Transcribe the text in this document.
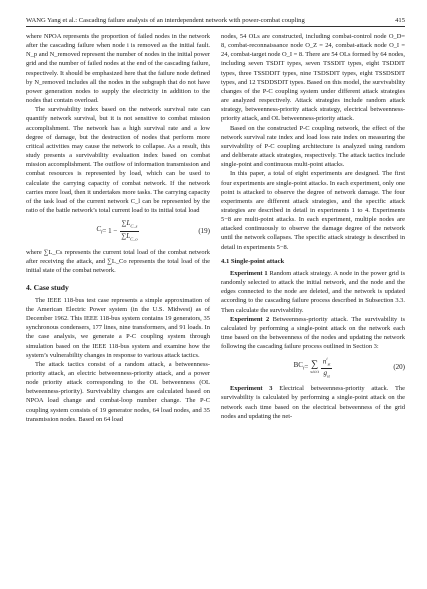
WANG Yang et al.: Cascading failure analysis of an interdependent network with power-combat coupling	415

where NPOA represents the proportion of failed nodes in the network after the cascading failure when node i is removed as the initial fault. N_p and N_removed represent the number of nodes in the initial power grid and the number of failed nodes at the end of the cascading failure, respectively. It should be emphasized here that the failure node defined by N_removed includes all the nodes in the subgraph that do not have power generation nodes to supply the electricity in addition to the nodes that contain overload.

The survivability index based on the network survival rate can quantify network survival, but it is not sensitive to combat mission accomplishment. The network has a high survival rate and a low degree of damage, but the destruction of nodes that perform more critical activities may cause the network to collapse. As a result, this study presents a survivability evaluation index based on combat mission accomplishment. The outflow of information transmission and combat resources is represented by load, which can be used to calculate the carrying capacity of combat network. If the network carries more load, then it undertakes more tasks. The carrying capacity of the task load of the current network C_l can be represented by the ratio of the battle network’s total current load to its initial total load

$C_l = 1 - \frac{\sum L_{C\_s}}{\sum L_{C\_o}}$	(19)

where ∑L_Cs represents the current total load of the combat network after receiving the attack, and ∑L_Co represents the total load of the initial state of the combat network.

4. Case study

The IEEE 118-bus test case represents a simple approximation of the American Electric Power system (in the U.S. Midwest) as of December 1962. This IEEE 118-bus system contains 19 generators, 35 synchronous condensers, 177 lines, nine transformers, and 91 loads. In the case analysis, we generate a P-C coupling system through simulation based on the IEEE 118-bus system and examine how the system’s vulnerability changes in response to various attack tactics.

The attack tactics consist of a random attack, a betweenness-priority attack, an electric betweenness-priority attack, and a power node priority attack corresponding to the OL betweenness (OL betweenness-priority). Survivability changes are calculated based on NPOA load change and combat-loop number change. The P-C coupling system consists of 19 generator nodes, 64 load nodes, and 35 transmission nodes. Based on 64 load

nodes, 54 OLs are constructed, including combat-control node O_D= 8, combat-reconnaissance node O_Z = 24, combat-attack node O_I = 24, combat-target node O_I = 8. There are 54 OLs formed by 64 nodes, including seven TSDIT types, seven TSSDIT types, eight TSDDIT types, three TSSDDIT types, nine TSDSDIT types, eight TSSDSDIT types, and 12 TSDDSDIT types. Based on this model, the survivability changes of the P-C coupling system under different attack strategies are analyzed respectively. Attack strategies include random attack strategy, betweenness-priority attack strategy, electrical betweenness-priority attack, and OL betweenness-priority attack.

Based on the constructed P-C coupling network, the effect of the network survival rate index and load loss rate index on measuring the survivability of P-C coupling architecture is analyzed using random and deliberate attack strategies, respectively. The attack tactics include single-point and continuous multi-point attacks.

In this paper, a total of eight experiments are designed. The first four experiments are single-point attacks. In each experiment, only one point is attacked to observe the degree of network damage. The four experiments are different attack strategies, and the specific attack strategies are described in detail in experiments 1 to 4. Experiments 5−8 are multi-point attacks. In each experiment, multiple nodes are attacked continuously to observe the damage degree of the network until the network collapses. The specific attack strategy is described in detail in experiments 5−8.

4.1 Single-point attack

Experiment 1 Random attack strategy. A node in the power grid is randomly selected to attack the initial network, and the node and the edges connected to the node are deleted, and the network is updated according to the cascading failure process described in Subsection 3.3. Then calculate the survivability.

Experiment 2 Betweenness-priority attack. The survivability is calculated by performing a single-point attack on the network each time based on the betweenness of the nodes and updating the network following the cascading failure process outlined in Section 3:

$BC_i$ = ∑
$s\ne i\ne t \frac{n^i_{st}}{g_{st}}$	(20)

Experiment 3 Electrical betweenness-priority attack. The survivability is calculated by performing a single-point attack on the network each time based on the electrical betweenness of the grid nodes and updating the net-
